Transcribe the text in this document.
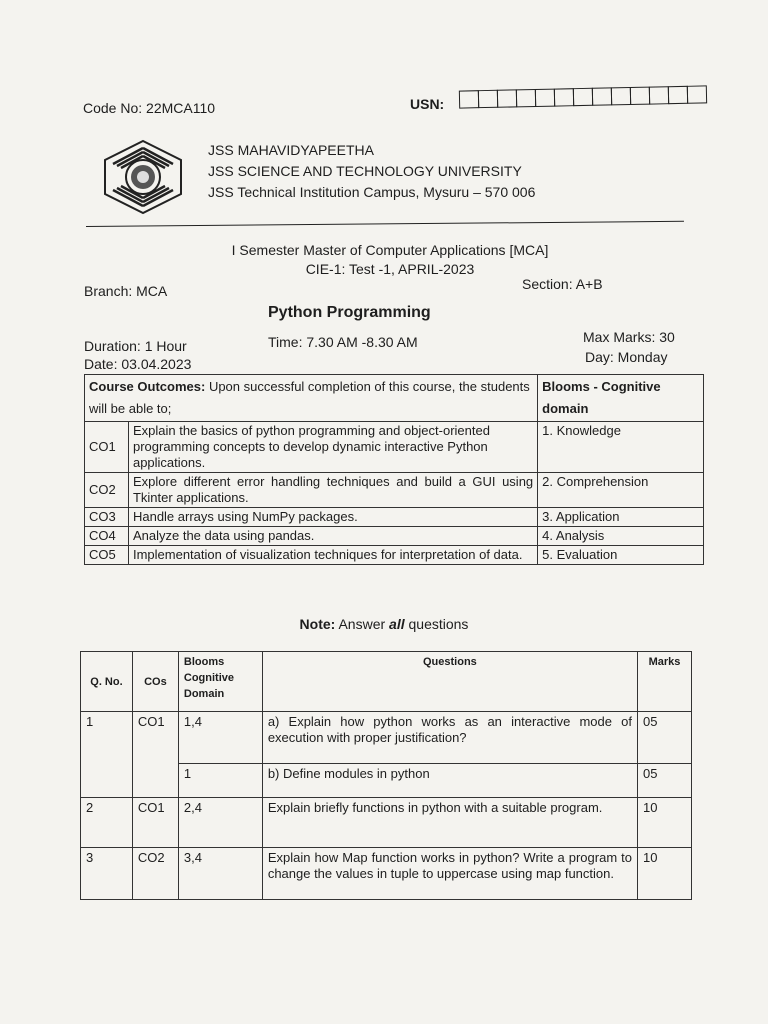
Code No: 22MCA110	USN:
JSS MAHAVIDYAPEETHA
JSS SCIENCE AND TECHNOLOGY UNIVERSITY
JSS Technical Institution Campus, Mysuru – 570 006
I Semester Master of Computer Applications [MCA]
CIE-1: Test -1, APRIL-2023
Branch: MCA	Section: A+B
Python Programming
Duration: 1 Hour
Date: 03.04.2023
Time: 7.30 AM -8.30 AM	Max Marks: 30
Day: Monday
Course Outcomes: Upon successful completion of this course, the students will be able to;		Blooms - Cognitive domain
CO1	Explain the basics of python programming and object-oriented programming concepts to develop dynamic interactive Python applications.	1. Knowledge
CO2	Explore different error handling techniques and build a GUI using Tkinter applications.	2. Comprehension
CO3	Handle arrays using NumPy packages.	3. Application
CO4	Analyze the data using pandas.	4. Analysis
CO5	Implementation of visualization techniques for interpretation of data.	5. Evaluation
Note: Answer all questions
Q. No.	COs	Blooms Cognitive Domain	Questions	Marks
1	CO1	1,4	a) Explain how python works as an interactive mode of execution with proper justification?	05
		1	b) Define modules in python	05
2	CO1	2,4	Explain briefly functions in python with a suitable program.	10
3	CO2	3,4	Explain how Map function works in python? Write a program to change the values in tuple to uppercase using map function.	10
